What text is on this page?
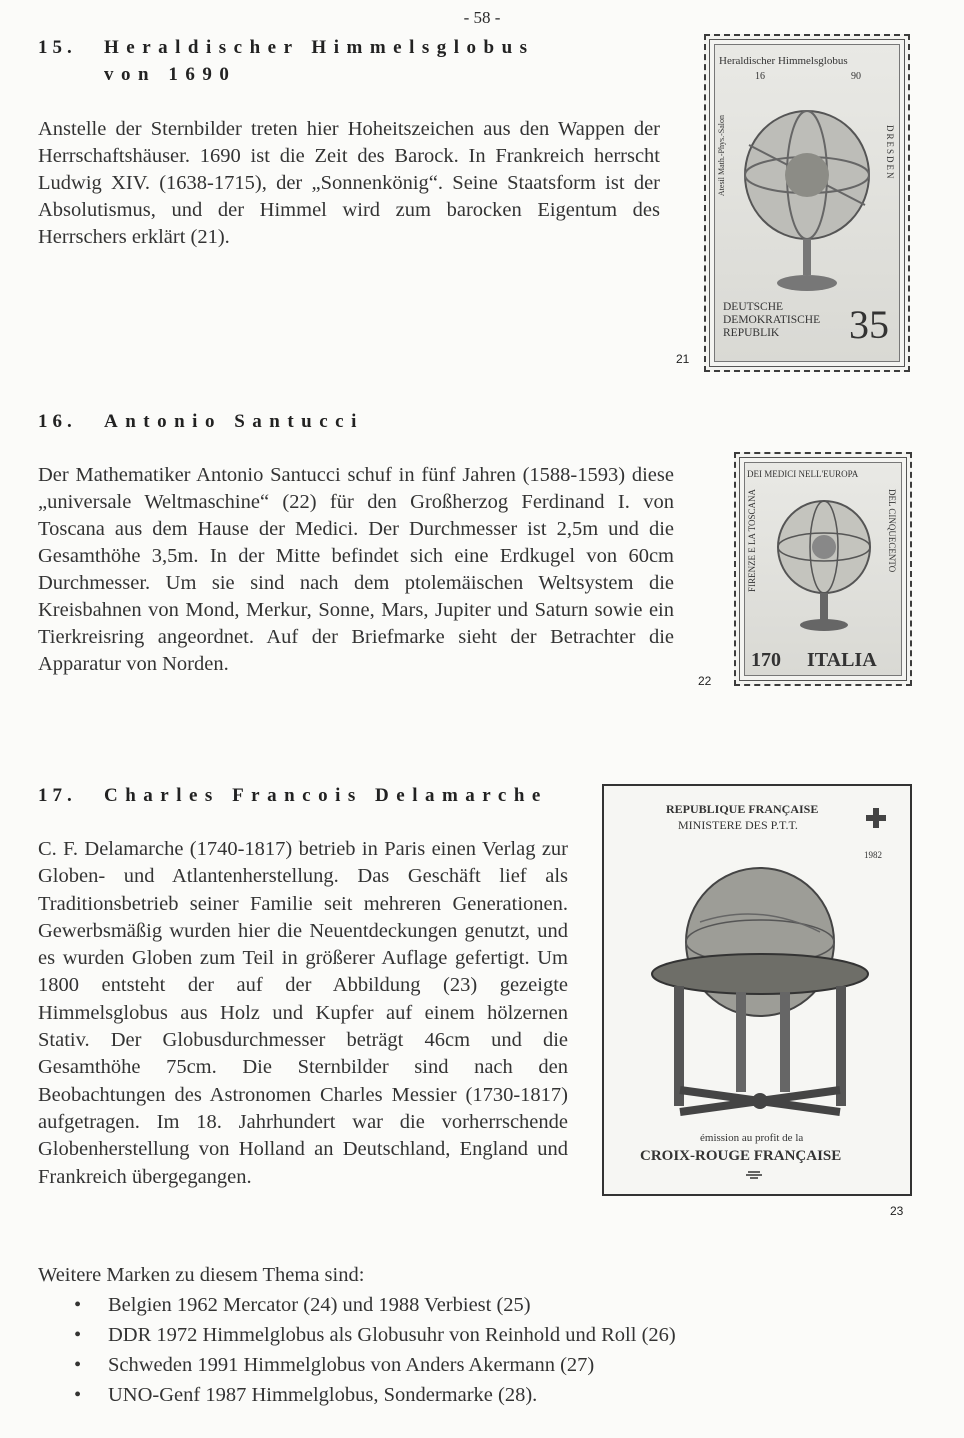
- 58 -
15. Heraldischer Himmelsglobus
von 1690
Anstelle der Sternbilder treten hier Hoheitszeichen aus den Wappen der Herrschaftshäuser. 1690 ist die Zeit des Barock. In Frankreich herrscht Ludwig XIV. (1638-1715), der „Sonnenkönig“. Seine Staatsform ist der Absolutismus, und der Himmel wird zum barocken Eigentum des Herrschers erklärt (21).
21
Heraldischer Himmelsglobus
16	90
Atesil Math.-Phys.-Salon	DRESDEN
DEUTSCHE
DEMOKRATISCHE
REPUBLIK 35
16. Antonio Santucci
Der Mathematiker Antonio Santucci schuf in fünf Jahren (1588-1593) diese „universale Weltmaschine“ (22) für den Großherzog Ferdinand I. von Toscana aus dem Hause der Medici. Der Durchmesser ist 2,5m und die Gesamthöhe 3,5m. In der Mitte befindet sich eine Erdkugel von 60cm Durchmesser. Um sie sind nach dem ptolemäischen Weltsystem die Kreisbahnen von Mond, Merkur, Sonne, Mars, Jupiter und Saturn sowie ein Tierkreisring angeordnet. Auf der Briefmarke sieht der Betrachter die Apparatur von Norden.
22
DEI MEDICI NELL'EUROPA
FIRENZE E LA TOSCANA	DEL CINQUECENTO
170 ITALIA
17. Charles Francois Delamarche
C. F. Delamarche (1740-1817) betrieb in Paris einen Verlag zur Globen- und Atlantenherstellung. Das Geschäft lief als Traditionsbetrieb seiner Familie seit mehreren Generationen. Gewerbsmäßig wurden hier die Neuentdeckungen genutzt, und es wurden Globen zum Teil in größerer Auflage gefertigt. Um 1800 entsteht der auf der Abbildung (23) gezeigte Himmelsglobus aus Holz und Kupfer auf einem hölzernen Stativ. Der Globusdurchmesser beträgt 46cm und die Gesamthöhe 75cm. Die Sternbilder sind nach den Beobachtungen des Astronomen Charles Messier (1730-1817) aufgetragen. Im 18. Jahrhundert war die vorherrschende Globenherstellung von Holland an Deutschland, England und Frankreich übergegangen.
23
REPUBLIQUE FRANÇAISE
MINISTERE DES P.T.T.
1982
émission au profit de la
CROIX-ROUGE FRANÇAISE
Weitere Marken zu diesem Thema sind:
• Belgien 1962 Mercator (24) und 1988 Verbiest (25)
• DDR 1972 Himmelglobus als Globusuhr von Reinhold und Roll (26)
• Schweden 1991 Himmelglobus von Anders Akermann (27)
• UNO-Genf 1987 Himmelglobus, Sondermarke (28).
